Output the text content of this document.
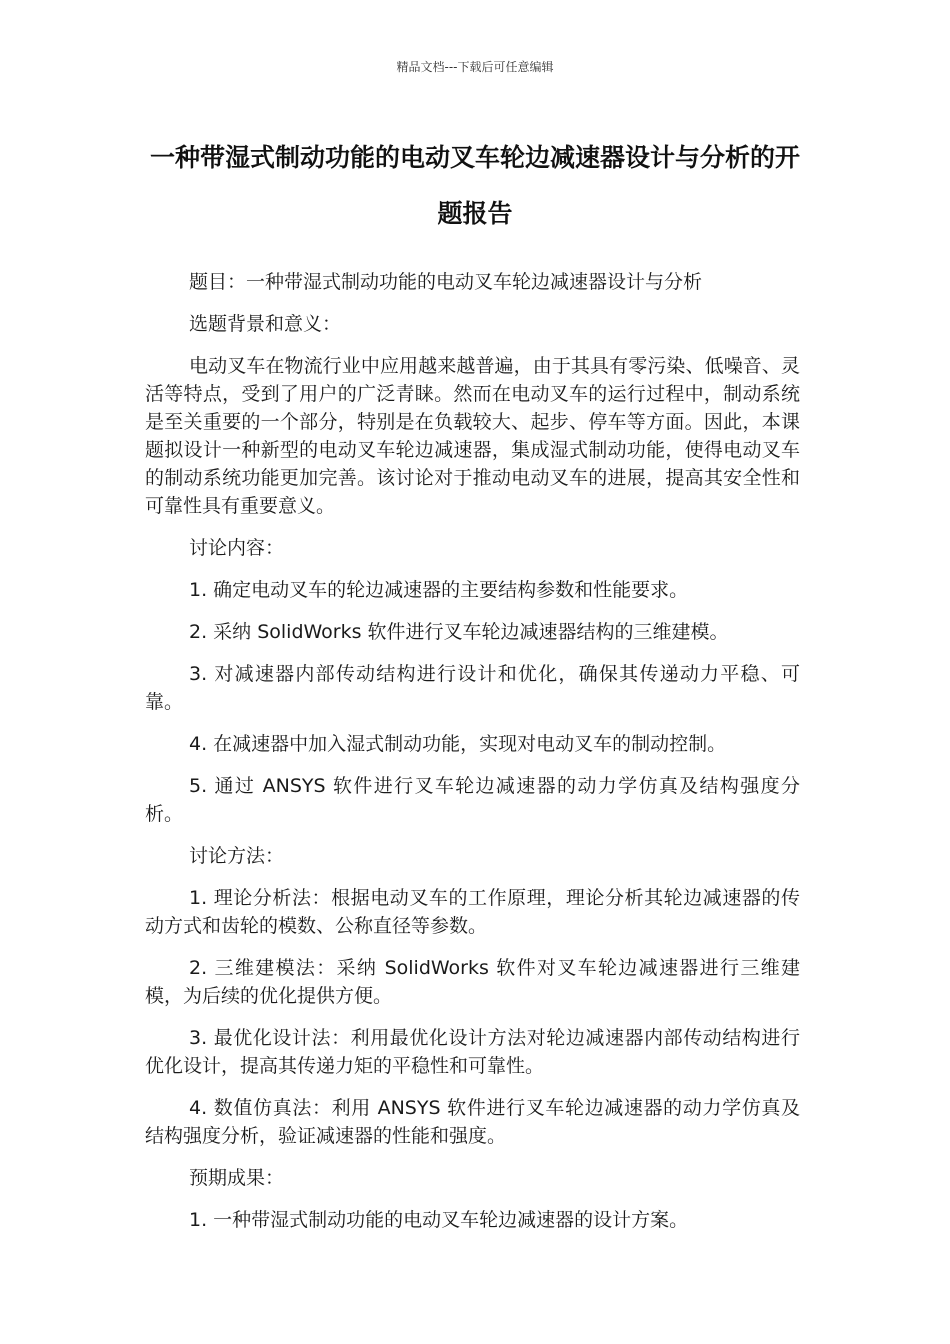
精品文档---下载后可任意编辑
一种带湿式制动功能的电动叉车轮边减速器设计与分析的开题报告

题目：一种带湿式制动功能的电动叉车轮边减速器设计与分析

选题背景和意义：

电动叉车在物流行业中应用越来越普遍，由于其具有零污染、低噪音、灵活等特点，受到了用户的广泛青睐。然而在电动叉车的运行过程中，制动系统是至关重要的一个部分，特别是在负载较大、起步、停车等方面。因此，本课题拟设计一种新型的电动叉车轮边减速器，集成湿式制动功能，使得电动叉车的制动系统功能更加完善。该讨论对于推动电动叉车的进展，提高其安全性和可靠性具有重要意义。

讨论内容：

1. 确定电动叉车的轮边减速器的主要结构参数和性能要求。

2. 采纳 SolidWorks 软件进行叉车轮边减速器结构的三维建模。

3. 对减速器内部传动结构进行设计和优化，确保其传递动力平稳、可靠。

4. 在减速器中加入湿式制动功能，实现对电动叉车的制动控制。

5. 通过 ANSYS 软件进行叉车轮边减速器的动力学仿真及结构强度分析。

讨论方法：

1. 理论分析法：根据电动叉车的工作原理，理论分析其轮边减速器的传动方式和齿轮的模数、公称直径等参数。

2. 三维建模法：采纳 SolidWorks 软件对叉车轮边减速器进行三维建模，为后续的优化提供方便。

3. 最优化设计法：利用最优化设计方法对轮边减速器内部传动结构进行优化设计，提高其传递力矩的平稳性和可靠性。

4. 数值仿真法：利用 ANSYS 软件进行叉车轮边减速器的动力学仿真及结构强度分析，验证减速器的性能和强度。

预期成果：

1. 一种带湿式制动功能的电动叉车轮边减速器的设计方案。
